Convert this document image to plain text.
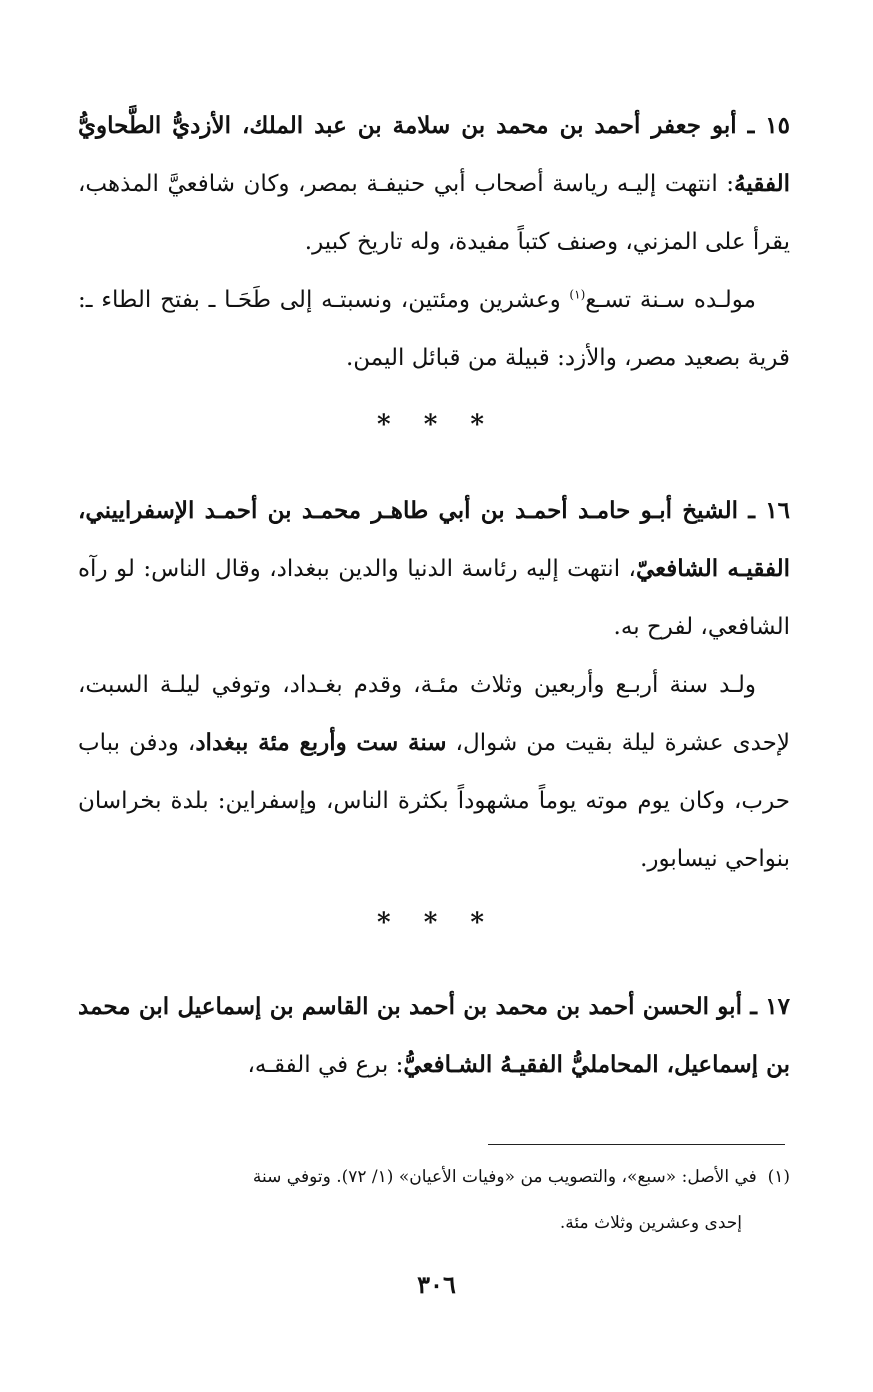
١٥ ـ أبو جعفر أحمد بن محمد بن سلامة بن عبد الملك، الأزديُّ الطَّحاويُّ الفقيهُ: انتهت إليـه رياسة أصحاب أبي حنيفـة بمصر، وكان شافعيَّ المذهب، يقرأ على المزني، وصنف كتباً مفيدة، وله تاريخ كبير.

مولـده سـنة تسـع$^{(١)}$ وعشرين ومئتين، ونسبتـه إلى طَحَـا ـ بفتح الطاء ـ: قرية بصعيد مصر، والأزد: قبيلة من قبائل اليمن.

* * *

١٦ ـ الشيخ أبـو حامـد أحمـد بن أبي طاهـر محمـد بن أحمـد الإسفراييني، الفقيـه الشافعيّ، انتهت إليه رئاسة الدنيا والدين ببغداد، وقال الناس: لو رآه الشافعي، لفرح به.

ولـد سنة أربـع وأربعين وثلاث مئـة، وقدم بغـداد، وتوفي ليلـة السبت، لإحدى عشرة ليلة بقيت من شوال، سنة ست وأربع مئة ببغداد، ودفن بباب حرب، وكان يوم موته يوماً مشهوداً بكثرة الناس، وإسفراين: بلدة بخراسان بنواحي نيسابور.

* * *

١٧ ـ أبو الحسن أحمد بن محمد بن أحمد بن القاسم بن إسماعيل ابن محمد بن إسماعيل، المحامليُّ الفقيـهُ الشـافعيُّ: برع في الفقـه،

(١)  في الأصل: «سبع»، والتصويب من «وفيات الأعيان» (١/ ٧٢). وتوفي سنة

إحدى وعشرين وثلاث مئة.

٣٠٦
